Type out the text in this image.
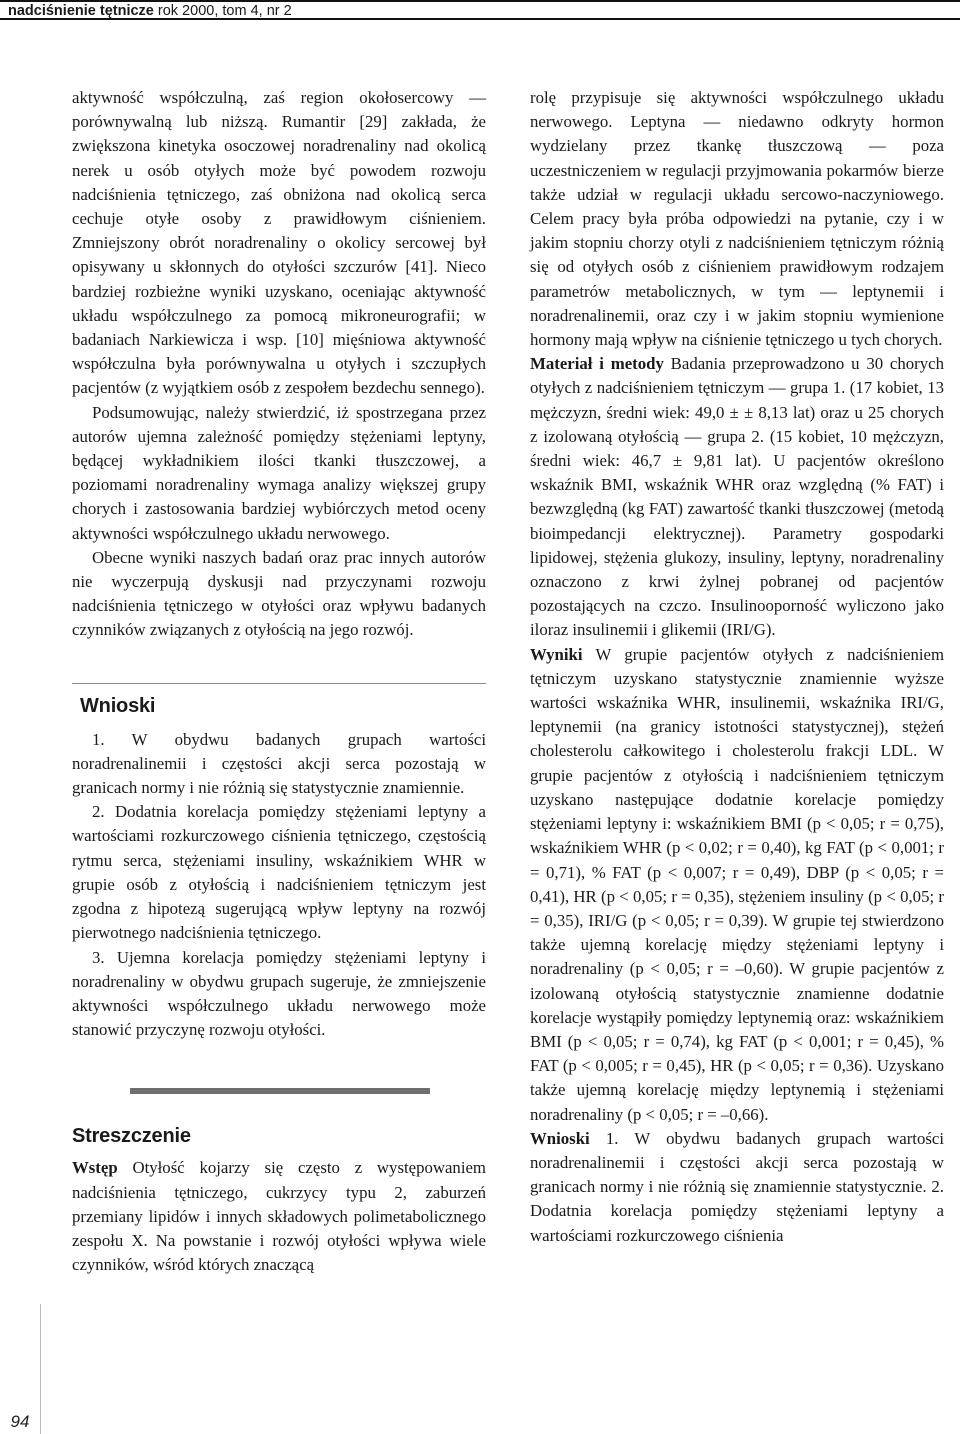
nadciśnienie tętnicze rok 2000, tom 4, nr 2

aktywność współczulną, zaś region okołosercowy — porównywalną lub niższą. Rumantir [29] zakłada, że zwiększona kinetyka osoczowej noradrenaliny nad okolicą nerek u osób otyłych może być powodem rozwoju nadciśnienia tętniczego, zaś obniżona nad okolicą serca cechuje otyłe osoby z prawidłowym ciśnieniem. Zmniejszony obrót noradrenaliny o okolicy sercowej był opisywany u skłonnych do otyłości szczurów [41]. Nieco bardziej rozbieżne wyniki uzyskano, oceniając aktywność układu współczulnego za pomocą mikroneurografii; w badaniach Narkiewicza i wsp. [10] mięśniowa aktywność współczulna była porównywalna u otyłych i szczupłych pacjentów (z wyjątkiem osób z zespołem bezdechu sennego).

Podsumowując, należy stwierdzić, iż spostrzegana przez autorów ujemna zależność pomiędzy stężeniami leptyny, będącej wykładnikiem ilości tkanki tłuszczowej, a poziomami noradrenaliny wymaga analizy większej grupy chorych i zastosowania bardziej wybiórczych metod oceny aktywności współczulnego układu nerwowego.

Obecne wyniki naszych badań oraz prac innych autorów nie wyczerpują dyskusji nad przyczynami rozwoju nadciśnienia tętniczego w otyłości oraz wpływu badanych czynników związanych z otyłością na jego rozwój.

Wnioski

1. W obydwu badanych grupach wartości noradrenalinemii i częstości akcji serca pozostają w granicach normy i nie różnią się statystycznie znamiennie.

2. Dodatnia korelacja pomiędzy stężeniami leptyny a wartościami rozkurczowego ciśnienia tętniczego, częstością rytmu serca, stężeniami insuliny, wskaźnikiem WHR w grupie osób z otyłością i nadciśnieniem tętniczym jest zgodna z hipotezą sugerującą wpływ leptyny na rozwój pierwotnego nadciśnienia tętniczego.

3. Ujemna korelacja pomiędzy stężeniami leptyny i noradrenaliny w obydwu grupach sugeruje, że zmniejszenie aktywności współczulnego układu nerwowego może stanowić przyczynę rozwoju otyłości.

Streszczenie

Wstęp Otyłość kojarzy się często z występowaniem nadciśnienia tętniczego, cukrzycy typu 2, zaburzeń przemiany lipidów i innych składowych polimetabolicznego zespołu X. Na powstanie i rozwój otyłości wpływa wiele czynników, wśród których znaczącą

rolę przypisuje się aktywności współczulnego układu nerwowego. Leptyna — niedawno odkryty hormon wydzielany przez tkankę tłuszczową — poza uczestniczeniem w regulacji przyjmowania pokarmów bierze także udział w regulacji układu sercowo-naczyniowego. Celem pracy była próba odpowiedzi na pytanie, czy i w jakim stopniu chorzy otyli z nadciśnieniem tętniczym różnią się od otyłych osób z ciśnieniem prawidłowym rodzajem parametrów metabolicznych, w tym — leptynemii i noradrenalinemii, oraz czy i w jakim stopniu wymienione hormony mają wpływ na ciśnienie tętniczego u tych chorych.

Materiał i metody Badania przeprowadzono u 30 chorych otyłych z nadciśnieniem tętniczym — grupa 1. (17 kobiet, 13 mężczyzn, średni wiek: 49,0 ± ± 8,13 lat) oraz u 25 chorych z izolowaną otyłością — grupa 2. (15 kobiet, 10 mężczyzn, średni wiek: 46,7 ± 9,81 lat). U pacjentów określono wskaźnik BMI, wskaźnik WHR oraz względną (% FAT) i bezwzględną (kg FAT) zawartość tkanki tłuszczowej (metodą bioimpedancji elektrycznej). Parametry gospodarki lipidowej, stężenia glukozy, insuliny, leptyny, noradrenaliny oznaczono z krwi żylnej pobranej od pacjentów pozostających na czczo. Insulinooporność wyliczono jako iloraz insulinemii i glikemii (IRI/G).

Wyniki W grupie pacjentów otyłych z nadciśnieniem tętniczym uzyskano statystycznie znamiennie wyższe wartości wskaźnika WHR, insulinemii, wskaźnika IRI/G, leptynemii (na granicy istotności statystycznej), stężeń cholesterolu całkowitego i cholesterolu frakcji LDL. W grupie pacjentów z otyłością i nadciśnieniem tętniczym uzyskano następujące dodatnie korelacje pomiędzy stężeniami leptyny i: wskaźnikiem BMI (p < 0,05; r = 0,75), wskaźnikiem WHR (p < 0,02; r = 0,40), kg FAT (p < 0,001; r = 0,71), % FAT (p < 0,007; r = 0,49), DBP (p < 0,05; r = 0,41), HR (p < 0,05; r = 0,35), stężeniem insuliny (p < 0,05; r = 0,35), IRI/G (p < 0,05; r = 0,39). W grupie tej stwierdzono także ujemną korelację między stężeniami leptyny i noradrenaliny (p < 0,05; r = –0,60). W grupie pacjentów z izolowaną otyłością statystycznie znamienne dodatnie korelacje wystąpiły pomiędzy leptynemią oraz: wskaźnikiem BMI (p < 0,05; r = 0,74), kg FAT (p < 0,001; r = 0,45), % FAT (p < 0,005; r = 0,45), HR (p < 0,05; r = 0,36). Uzyskano także ujemną korelację między leptynemią i stężeniami noradrenaliny (p < 0,05; r = –0,66).

Wnioski 1. W obydwu badanych grupach wartości noradrenalinemii i częstości akcji serca pozostają w granicach normy i nie różnią się znamiennie statystycznie. 2. Dodatnia korelacja pomiędzy stężeniami leptyny a wartościami rozkurczowego ciśnienia

94
